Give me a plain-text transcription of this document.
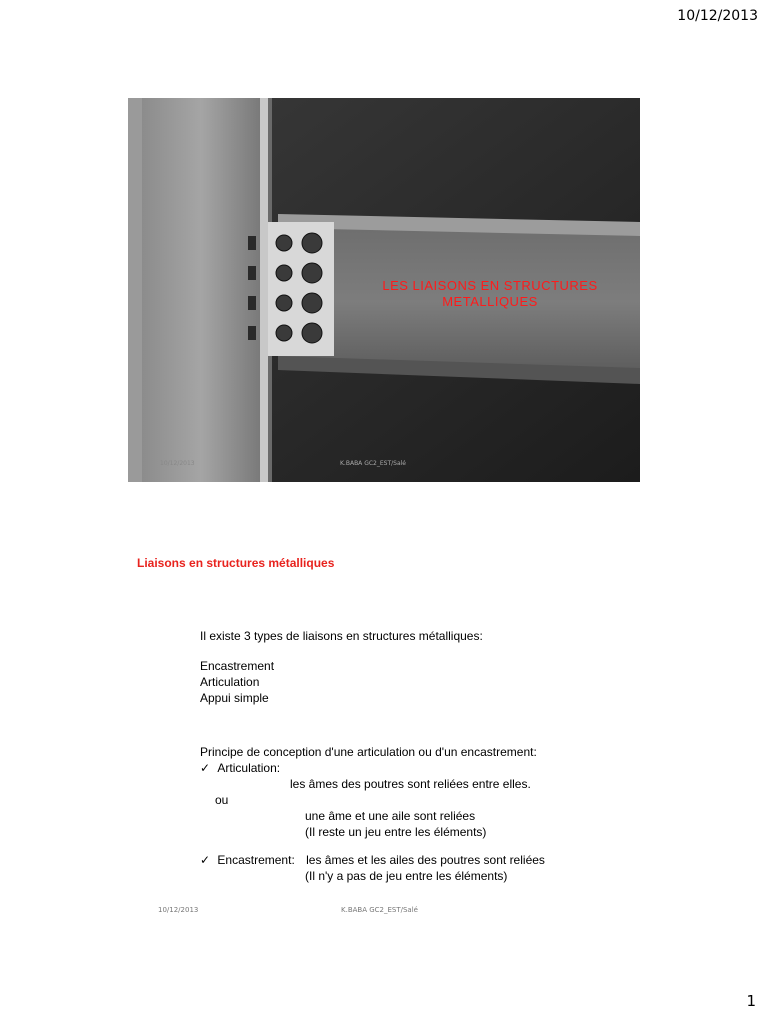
10/12/2013
LES LIAISONS EN STRUCTURES
METALLIQUES
10/12/2013	K.BABA GC2_EST/Salé
Liaisons en structures métalliques
Il existe 3 types de liaisons en structures métalliques:
Encastrement
Articulation
Appui simple
Principe de conception d'une articulation ou d'un encastrement:
✓ Articulation:
les âmes des poutres sont reliées entre elles.
ou
une âme et une aile sont reliées
(Il reste un jeu entre les éléments)
✓ Encastrement: les âmes et les ailes des poutres sont reliées
(Il n'y a pas de jeu entre les éléments)
10/12/2013	K.BABA GC2_EST/Salé
1
